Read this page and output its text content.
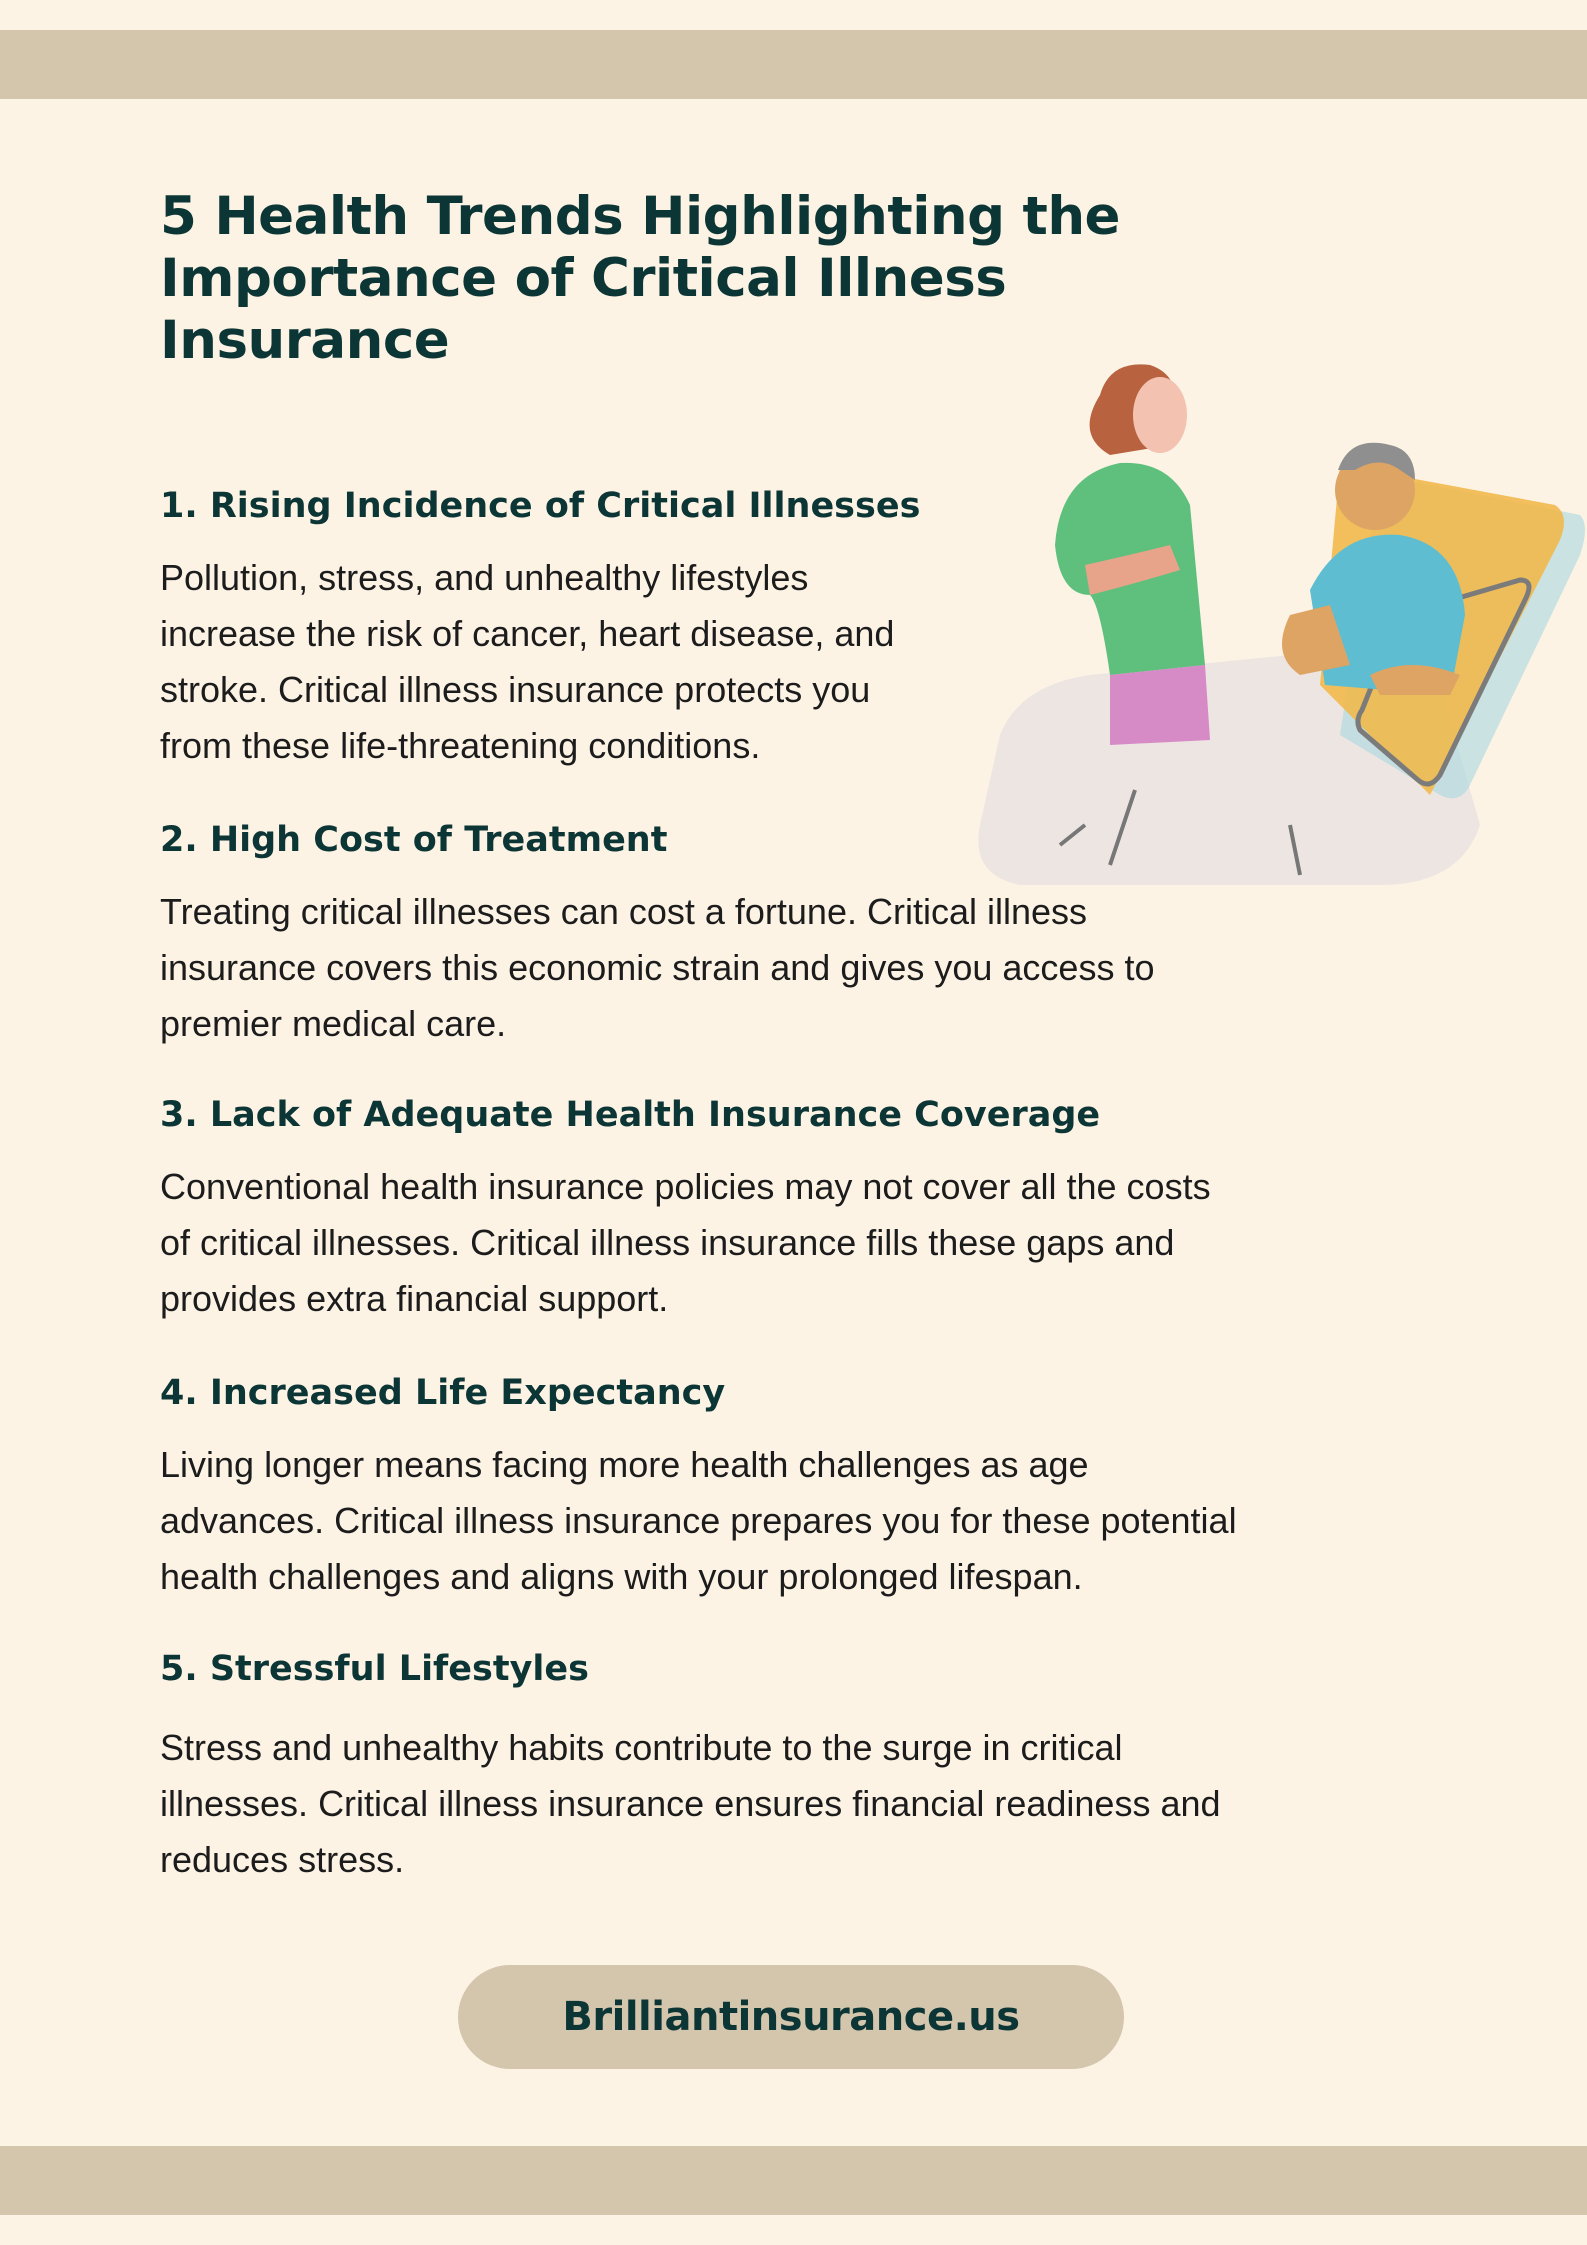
5 Health Trends Highlighting the
Importance of Critical Illness
Insurance
1. Rising Incidence of Critical Illnesses

Pollution, stress, and unhealthy lifestyles
increase the risk of cancer, heart disease, and
stroke. Critical illness insurance protects you
from these life-threatening conditions.

2. High Cost of Treatment

Treating critical illnesses can cost a fortune. Critical illness
insurance covers this economic strain and gives you access to
premier medical care.

3. Lack of Adequate Health Insurance Coverage

Conventional health insurance policies may not cover all the costs
of critical illnesses. Critical illness insurance fills these gaps and
provides extra financial support.

4. Increased Life Expectancy

Living longer means facing more health challenges as age
advances. Critical illness insurance prepares you for these potential
health challenges and aligns with your prolonged lifespan.

5. Stressful Lifestyles

Stress and unhealthy habits contribute to the surge in critical
illnesses. Critical illness insurance ensures financial readiness and
reduces stress.

Brilliantinsurance.us
